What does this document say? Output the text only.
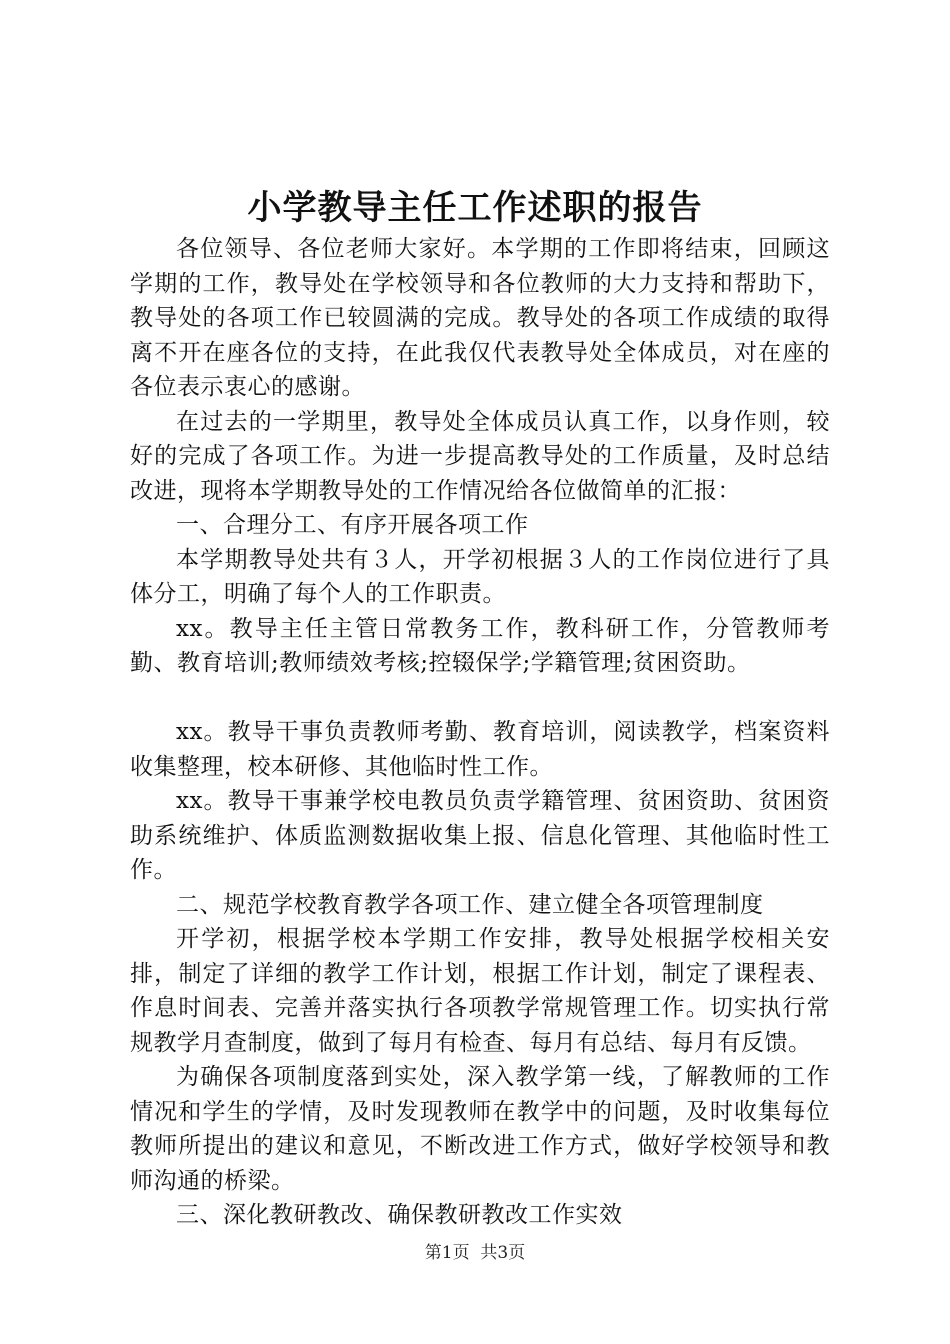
小学教导主任工作述职的报告

各位领导、各位老师大家好。本学期的工作即将结束，回顾这学期的工作，教导处在学校领导和各位教师的大力支持和帮助下，教导处的各项工作已较圆满的完成。教导处的各项工作成绩的取得离不开在座各位的支持，在此我仅代表教导处全体成员，对在座的各位表示衷心的感谢。

在过去的一学期里，教导处全体成员认真工作，以身作则，较好的完成了各项工作。为进一步提高教导处的工作质量，及时总结改进，现将本学期教导处的工作情况给各位做简单的汇报：

一、合理分工、有序开展各项工作

本学期教导处共有３人，开学初根据３人的工作岗位进行了具体分工，明确了每个人的工作职责。

xx。教导主任主管日常教务工作，教科研工作，分管教师考勤、教育培训;教师绩效考核;控辍保学;学籍管理;贫困资助。

xx。教导干事负责教师考勤、教育培训，阅读教学，档案资料收集整理，校本研修、其他临时性工作。

xx。教导干事兼学校电教员负责学籍管理、贫困资助、贫困资助系统维护、体质监测数据收集上报、信息化管理、其他临时性工作。

二、规范学校教育教学各项工作、建立健全各项管理制度

开学初，根据学校本学期工作安排，教导处根据学校相关安排，制定了详细的教学工作计划，根据工作计划，制定了课程表、作息时间表、完善并落实执行各项教学常规管理工作。切实执行常规教学月查制度，做到了每月有检查、每月有总结、每月有反馈。

为确保各项制度落到实处，深入教学第一线，了解教师的工作情况和学生的学情，及时发现教师在教学中的问题，及时收集每位教师所提出的建议和意见，不断改进工作方式，做好学校领导和教师沟通的桥梁。

三、深化教研教改、确保教研教改工作实效

第1页 共3页
